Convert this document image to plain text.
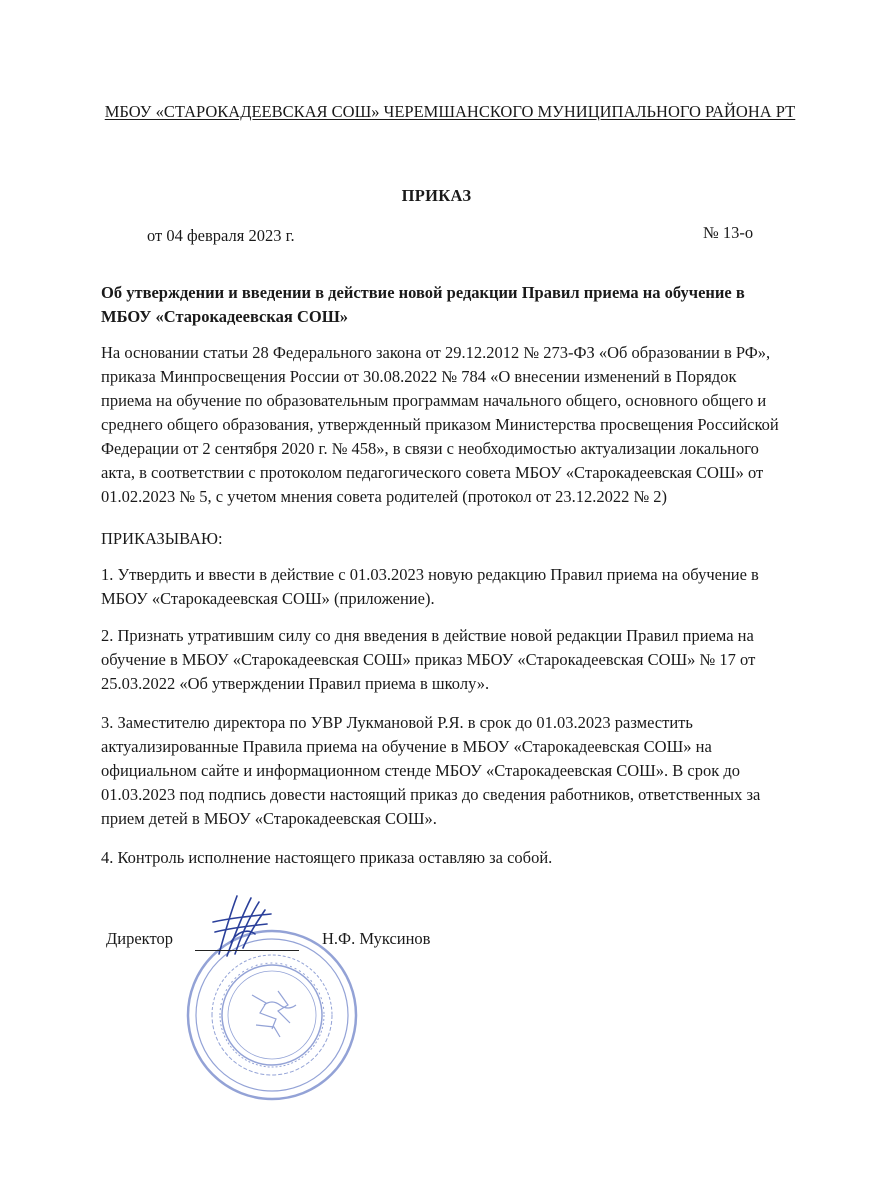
МБОУ «СТАРОКАДЕЕВСКАЯ СОШ» ЧЕРЕМШАНСКОГО МУНИЦИПАЛЬНОГО РАЙОНА РТ
ПРИКАЗ
от 04 февраля 2023 г.	№ 13-о
Об утверждении и введении в действие новой редакции Правил приема на обучение в МБОУ «Старокадеевская СОШ»

На основании статьи 28 Федерального закона от 29.12.2012 № 273-ФЗ «Об образовании в РФ», приказа Минпросвещения России от 30.08.2022 № 784 «О внесении изменений в Порядок приема на обучение по образовательным программам начального общего, основного общего и среднего общего образования, утвержденный приказом Министерства просвещения Российской Федерации от 2 сентября 2020 г. № 458», в связи с необходимостью актуализации локального акта, в соответствии с протоколом педагогического совета МБОУ «Старокадеевская СОШ» от 01.02.2023 № 5, с учетом мнения совета родителей (протокол от 23.12.2022 № 2)

ПРИКАЗЫВАЮ:

1. Утвердить и ввести в действие с 01.03.2023 новую редакцию Правил приема на обучение в МБОУ «Старокадеевская СОШ» (приложение).

2. Признать утратившим силу со дня введения в действие новой редакции Правил приема на обучение в МБОУ «Старокадеевская СОШ» приказ МБОУ «Старокадеевская СОШ» № 17 от 25.03.2022 «Об утверждении Правил приема в школу».

3. Заместителю директора по УВР Лукмановой Р.Я. в срок до 01.03.2023 разместить актуализированные Правила приема на обучение в МБОУ «Старокадеевская СОШ» на официальном сайте и информационном стенде МБОУ «Старокадеевская СОШ». В срок до 01.03.2023 под подпись довести настоящий приказ до сведения работников, ответственных за прием детей в МБОУ «Старокадеевская СОШ».

4. Контроль исполнение настоящего приказа оставляю за собой.

Директор	Н.Ф. Муксинов
